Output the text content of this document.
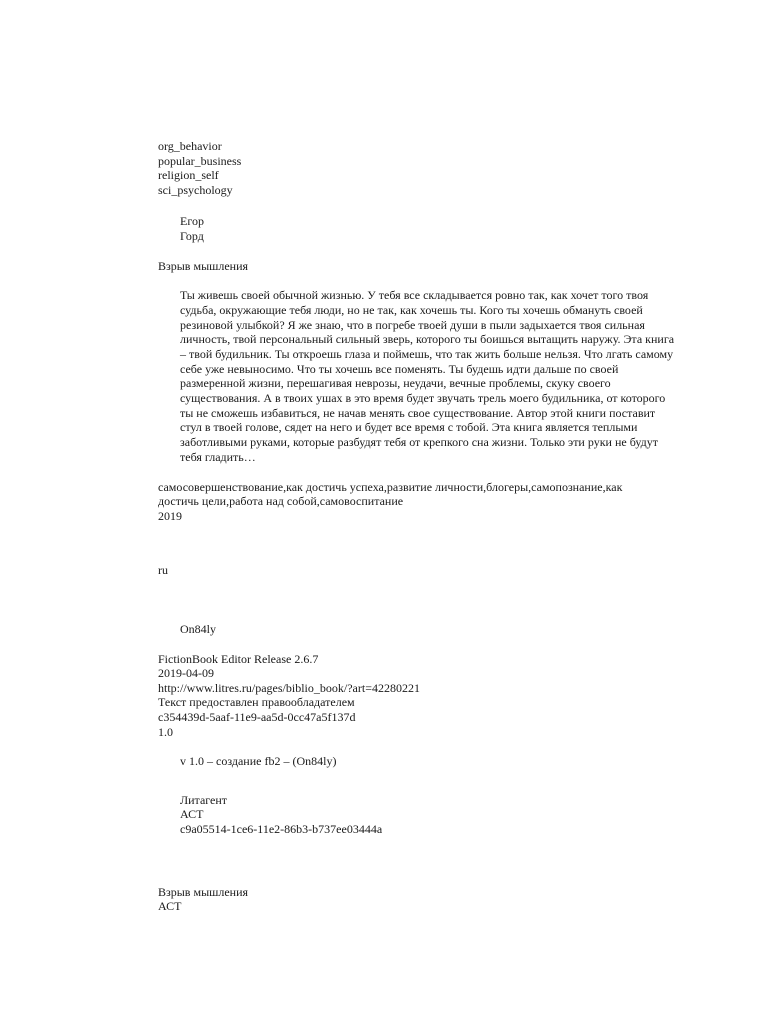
org_behavior
popular_business
religion_self
sci_psychology
Егор
Горд
Взрыв мышления

Ты живешь своей обычной жизнью. У тебя все складывается ровно так, как хочет того твоя судьба, окружающие тебя люди, но не так, как хочешь ты. Кого ты хочешь обмануть своей резиновой улыбкой? Я же знаю, что в погребе твоей души в пыли задыхается твоя сильная личность, твой персональный сильный зверь, которого ты боишься вытащить наружу. Эта книга – твой будильник. Ты откроешь глаза и поймешь, что так жить больше нельзя. Что лгать самому себе уже невыносимо. Что ты хочешь все поменять. Ты будешь идти дальше по своей размеренной жизни, перешагивая неврозы, неудачи, вечные проблемы, скуку своего существования. А в твоих ушах в это время будет звучать трель моего будильника, от которого ты не сможешь избавиться, не начав менять свое существование. Автор этой книги поставит стул в твоей голове, сядет на него и будет все время с тобой. Эта книга является теплыми заботливыми руками, которые разбудят тебя от крепкого сна жизни. Только эти руки не будут тебя гладить…

самосовершенствование,как достичь успеха,развитие личности,блогеры,самопознание,как достичь цели,работа над собой,самовоспитание
2019
ru
On84ly
FictionBook Editor Release 2.6.7
2019-04-09
http://www.litres.ru/pages/biblio_book/?art=42280221
Текст предоставлен правообладателем
c354439d-5aaf-11e9-aa5d-0cc47a5f137d
1.0
v 1.0 – создание fb2 – (On84ly)
Литагент
АСТ
c9a05514-1ce6-11e2-86b3-b737ee03444a
Взрыв мышления
АСТ
